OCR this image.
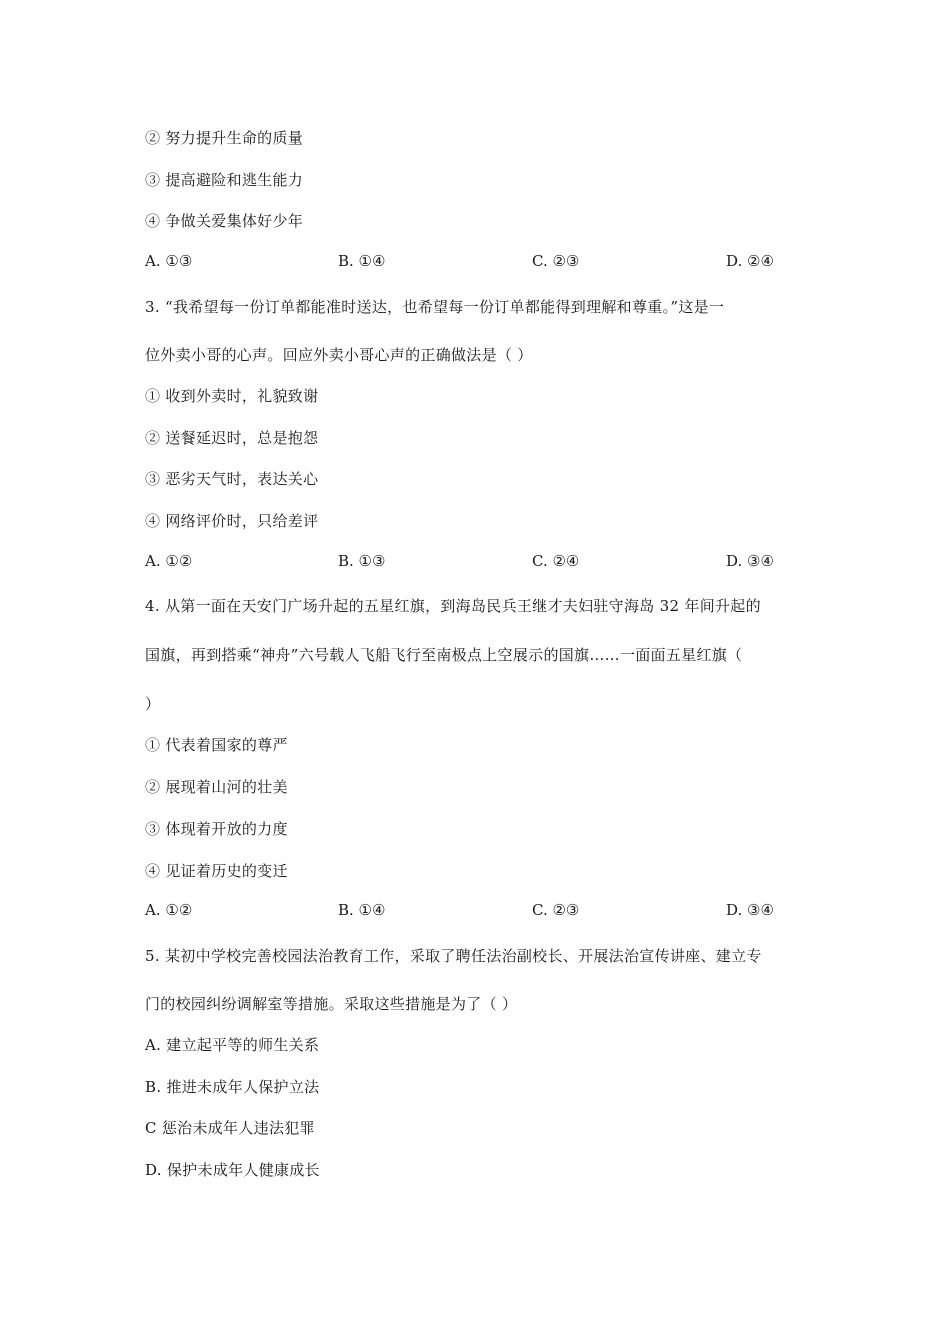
② 努力提升生命的质量
③ 提高避险和逃生能力
④ 争做关爱集体好少年
A. ①③	B. ①④	C. ②③	D. ②④
3. “我希望每一份订单都能准时送达，也希望每一份订单都能得到理解和尊重。”这是一
位外卖小哥的心声。回应外卖小哥心声的正确做法是（ ）
① 收到外卖时，礼貌致谢
② 送餐延迟时，总是抱怨
③ 恶劣天气时，表达关心
④ 网络评价时，只给差评
A. ①②	B. ①③	C. ②④	D. ③④
4. 从第一面在天安门广场升起的五星红旗，到海岛民兵王继才夫妇驻守海岛 32 年间升起的
国旗，再到搭乘“神舟”六号载人飞船飞行至南极点上空展示的国旗……一面面五星红旗（
）
① 代表着国家的尊严
② 展现着山河的壮美
③ 体现着开放的力度
④ 见证着历史的变迁
A. ①②	B. ①④	C. ②③	D. ③④
5. 某初中学校完善校园法治教育工作，采取了聘任法治副校长、开展法治宣传讲座、建立专
门的校园纠纷调解室等措施。采取这些措施是为了（ ）
A. 建立起平等的师生关系
B. 推进未成年人保护立法
C 惩治未成年人违法犯罪
D. 保护未成年人健康成长
